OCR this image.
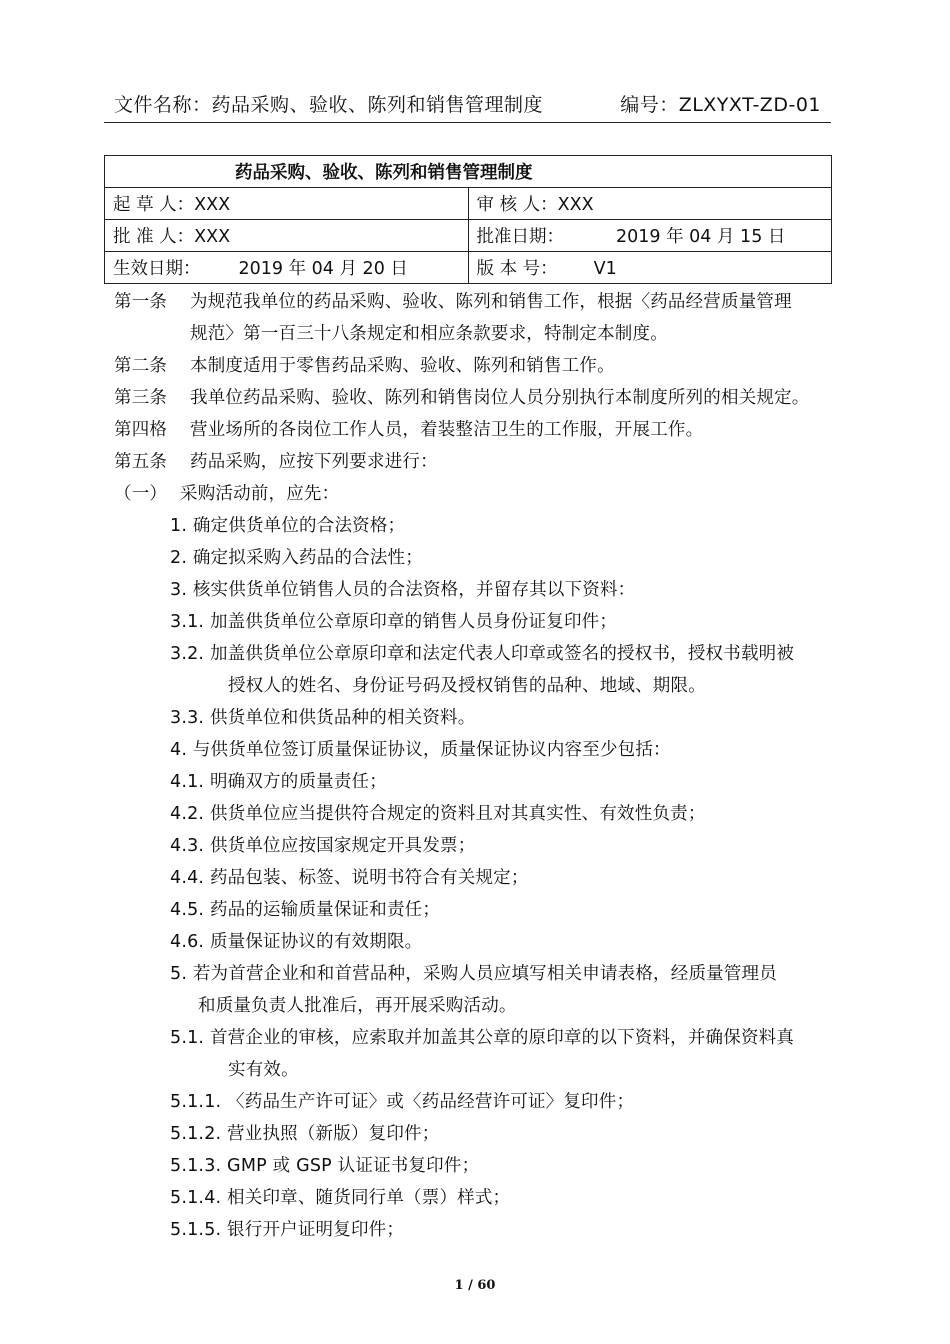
文件名称：药品采购、验收、陈列和销售管理制度	编号：ZLXYXT-ZD-01
药品采购、验收、陈列和销售管理制度	
起 草 人：XXX	审 核 人：XXX
批 准 人：XXX	批准日期： 2019 年 04 月 15 日
生效日期： 2019 年 04 月 20 日	版 本 号： V1
第一条 为规范我单位的药品采购、验收、陈列和销售工作，根据〈药品经营质量管理
规范〉第一百三十八条规定和相应条款要求，特制定本制度。
第二条 本制度适用于零售药品采购、验收、陈列和销售工作。
第三条 我单位药品采购、验收、陈列和销售岗位人员分别执行本制度所列的相关规定。
第四格 营业场所的各岗位工作人员，着装整洁卫生的工作服，开展工作。
第五条 药品采购，应按下列要求进行：
（一） 采购活动前，应先：
1. 确定供货单位的合法资格；
2. 确定拟采购入药品的合法性；
3. 核实供货单位销售人员的合法资格，并留存其以下资料：
3.1. 加盖供货单位公章原印章的销售人员身份证复印件；
3.2. 加盖供货单位公章原印章和法定代表人印章或签名的授权书，授权书载明被
授权人的姓名、身份证号码及授权销售的品种、地域、期限。
3.3. 供货单位和供货品种的相关资料。
4. 与供货单位签订质量保证协议，质量保证协议内容至少包括：
4.1. 明确双方的质量责任；
4.2. 供货单位应当提供符合规定的资料且对其真实性、有效性负责；
4.3. 供货单位应按国家规定开具发票；
4.4. 药品包装、标签、说明书符合有关规定；
4.5. 药品的运输质量保证和责任；
4.6. 质量保证协议的有效期限。
5. 若为首营企业和和首营品种，采购人员应填写相关申请表格，经质量管理员
和质量负责人批准后，再开展采购活动。
5.1. 首营企业的审核，应索取并加盖其公章的原印章的以下资料，并确保资料真
实有效。
5.1.1. 〈药品生产许可证〉或〈药品经营许可证〉复印件；
5.1.2. 营业执照（新版）复印件；
5.1.3. GMP 或 GSP 认证证书复印件；
5.1.4. 相关印章、随货同行单（票）样式；
5.1.5. 银行开户证明复印件；
1 / 60
